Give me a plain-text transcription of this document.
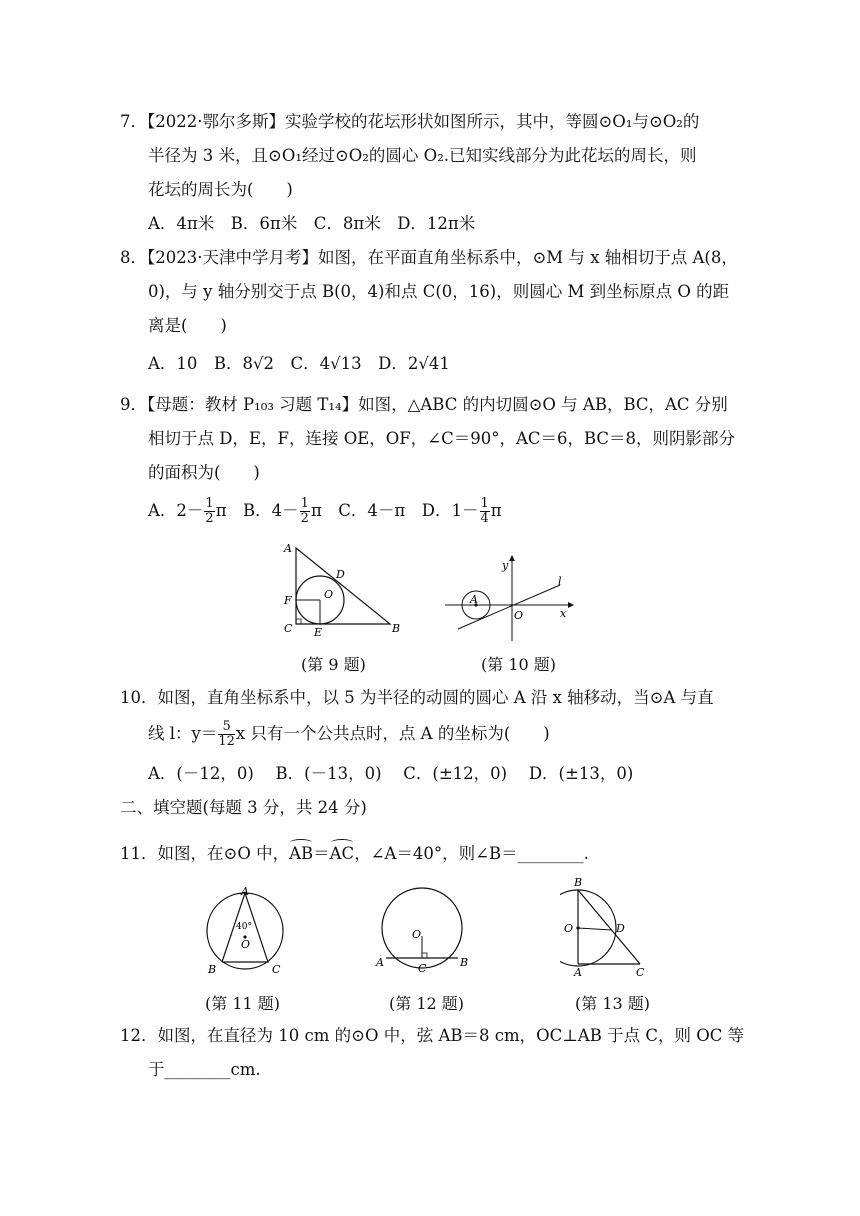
7．【2022·鄂尔多斯】实验学校的花坛形状如图所示，其中，等圆⊙O₁与⊙O₂的
半径为 3 米，且⊙O₁经过⊙O₂的圆心 O₂.已知实线部分为此花坛的周长，则
花坛的周长为(　　)
A．4π米　B．6π米　C．8π米　D．12π米
8．【2023·天津中学月考】如图，在平面直角坐标系中，⊙M 与 x 轴相切于点 A(8，
0)，与 y 轴分别交于点 B(0，4)和点 C(0，16)，则圆心 M 到坐标原点 O 的距
离是(　　)
A．10　B．8√2　C．4√13　D．2√41
9．【母题：教材 P₁₀₃ 习题 T₁₄】如图，△ABC 的内切圆⊙O 与 AB，BC，AC 分别
相切于点 D，E，F，连接 OE，OF，∠C＝90°，AC＝6，BC＝8，则阴影部分
的面积为(　　)
A．$2- \frac{1}{2}$ π　B．$4- \frac{1}{2}$ π　C．4－π　D．$1- \frac{1}{4}$ π
A
B
C
D
E
F	O
(第 9 题)
y
x
O
A
l
(第 10 题)
10．如图，直角坐标系中，以 5 为半径的动圆的圆心 A 沿 x 轴移动，当⊙A 与直
线 l：$y= \frac{5}{12}$ x 只有一个公共点时，点 A 的坐标为(　　)
A．(－12，0)　 B．(－13，0)　 C．(±12，0)　 D．(±13，0)
二、填空题(每题 3 分，共 24 分)
11．如图，在⊙O 中，AB＝AC，∠A＝40°，则∠B＝________.
A
B	C
O
40°
(第 11 题)
A	B
C
O
(第 12 题)
B
A	C
D
O
(第 13 题)
12．如图，在直径为 10 cm 的⊙O 中，弦 AB＝8 cm，OC⊥AB 于点 C，则 OC 等
于________cm.
